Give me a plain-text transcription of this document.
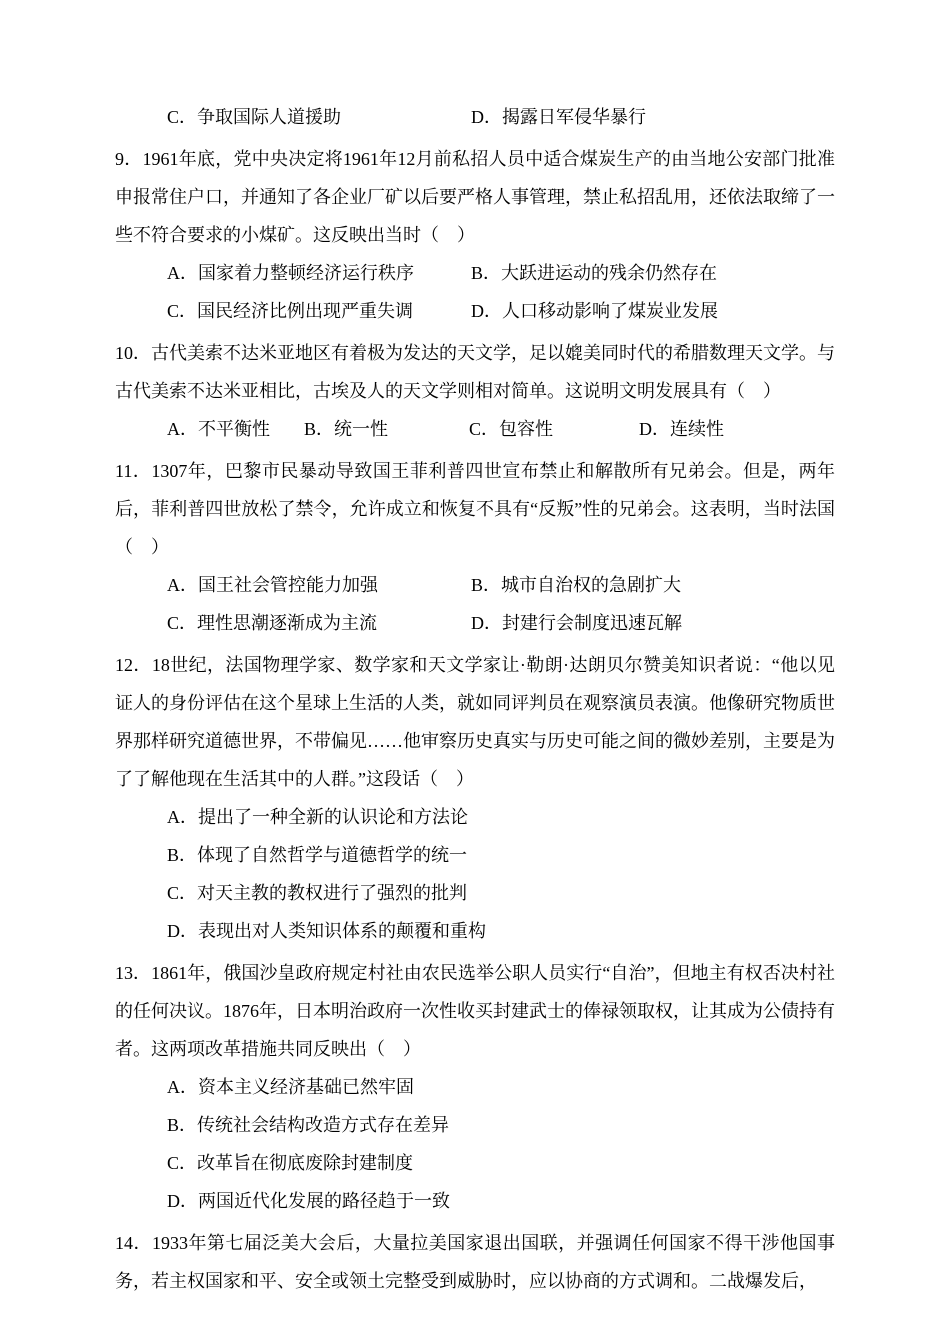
C．争取国际人道援助	D．揭露日军侵华暴行

9．1961年底，党中央决定将1961年12月前私招人员中适合煤炭生产的由当地公安部门批准申报常住户口，并通知了各企业厂矿以后要严格人事管理，禁止私招乱用，还依法取缔了一些不符合要求的小煤矿。这反映出当时（　）

A．国家着力整顿经济运行秩序	B．大跃进运动的残余仍然存在
C．国民经济比例出现严重失调	D．人口移动影响了煤炭业发展

10．古代美索不达米亚地区有着极为发达的天文学，足以媲美同时代的希腊数理天文学。与古代美索不达米亚相比，古埃及人的天文学则相对简单。这说明文明发展具有（　）

A．不平衡性 B．统一性	C．包容性	D．连续性

11．1307年，巴黎市民暴动导致国王菲利普四世宣布禁止和解散所有兄弟会。但是，两年后，菲利普四世放松了禁令，允许成立和恢复不具有“反叛”性的兄弟会。这表明，当时法国（　）

A．国王社会管控能力加强	B．城市自治权的急剧扩大
C．理性思潮逐渐成为主流	D．封建行会制度迅速瓦解

12．18世纪，法国物理学家、数学家和天文学家让·勒朗·达朗贝尔赞美知识者说：“他以见证人的身份评估在这个星球上生活的人类，就如同评判员在观察演员表演。他像研究物质世界那样研究道德世界，不带偏见……他审察历史真实与历史可能之间的微妙差别，主要是为了了解他现在生活其中的人群。”这段话（　）

A．提出了一种全新的认识论和方法论
B．体现了自然哲学与道德哲学的统一
C．对天主教的教权进行了强烈的批判
D．表现出对人类知识体系的颠覆和重构

13．1861年，俄国沙皇政府规定村社由农民选举公职人员实行“自治”，但地主有权否决村社的任何决议。1876年，日本明治政府一次性收买封建武士的俸禄领取权，让其成为公债持有者。这两项改革措施共同反映出（　）

A．资本主义经济基础已然牢固
B．传统社会结构改造方式存在差异
C．改革旨在彻底废除封建制度
D．两国近代化发展的路径趋于一致

14．1933年第七届泛美大会后，大量拉美国家退出国联，并强调任何国家不得干涉他国事务，若主权国家和平、安全或领土完整受到威胁时，应以协商的方式调和。二战爆发后，
